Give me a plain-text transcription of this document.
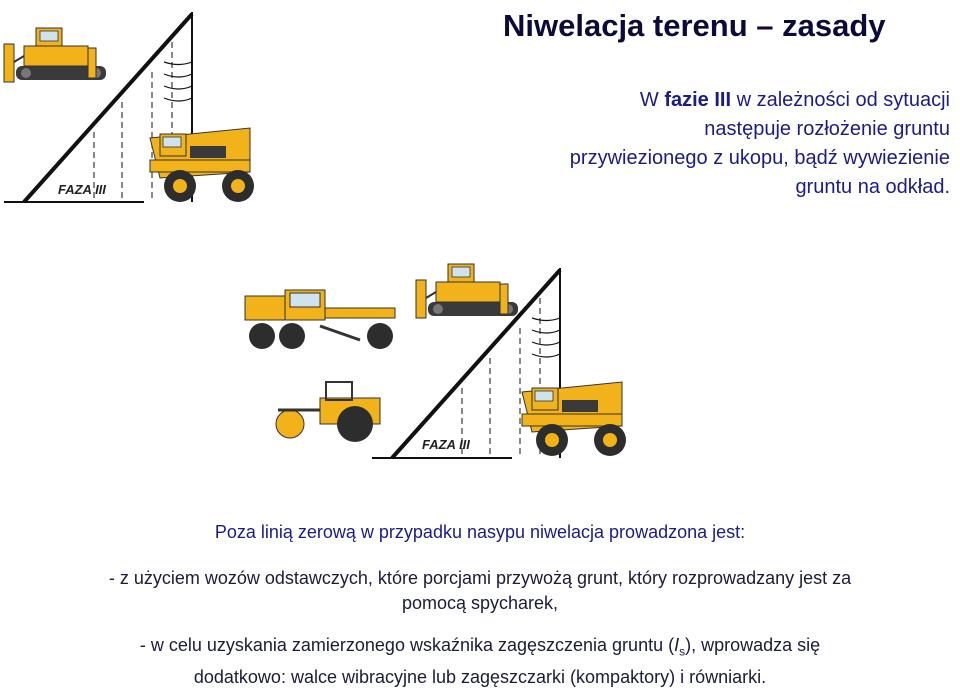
Niwelacja terenu – zasady
W fazie III w zależności od sytuacji
następuje rozłożenie gruntu
przywiezionego z ukopu, bądź wywiezienie
gruntu na odkład.
FAZA III
FAZA III
Poza linią zerową w przypadku nasypu niwelacja prowadzona jest:
- z użyciem wozów odstawczych, które porcjami przywożą grunt, który rozprowadzany jest za
pomocą spycharek,
- w celu uzyskania zamierzonego wskaźnika zagęszczenia gruntu $(I_s)$, wprowadza się
dodatkowo: walce wibracyjne lub zagęszczarki (kompaktory) i równiarki.
